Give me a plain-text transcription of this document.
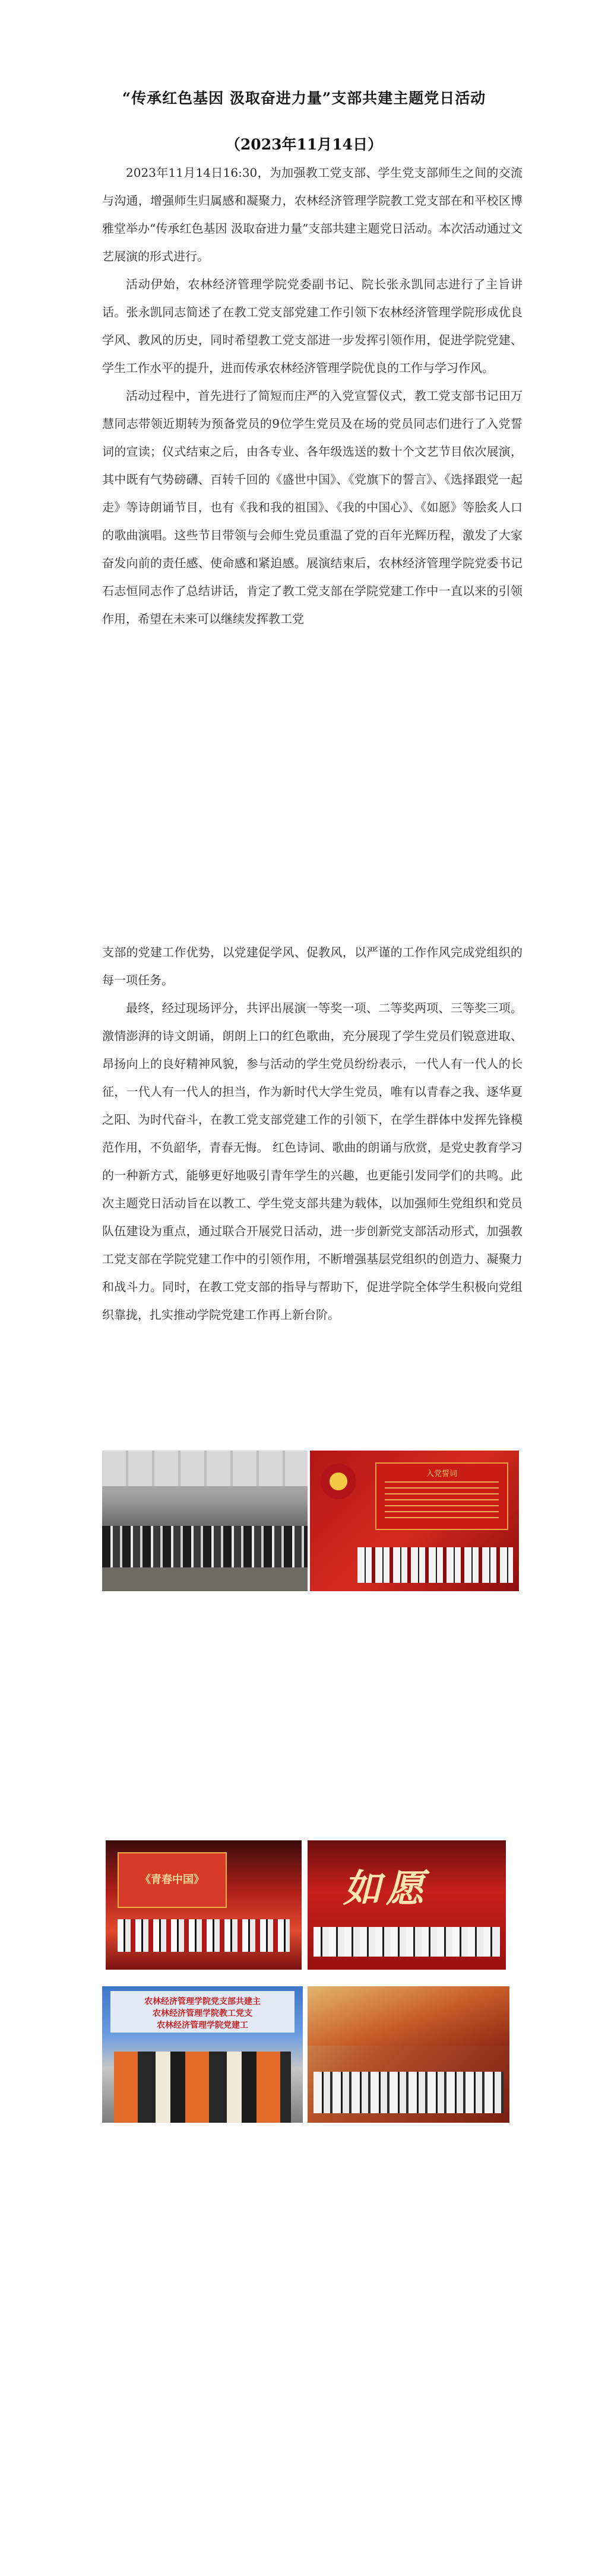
“传承红色基因 汲取奋进力量”支部共建主题党日活动
（2023年11月14日）

2023年11月14日16:30，为加强教工党支部、学生党支部师生之间的交流与沟通，增强师生归属感和凝聚力，农林经济管理学院教工党支部在和平校区博雅堂举办“传承红色基因 汲取奋进力量”支部共建主题党日活动。本次活动通过文艺展演的形式进行。

活动伊始，农林经济管理学院党委副书记、院长张永凯同志进行了主旨讲话。张永凯同志简述了在教工党支部党建工作引领下农林经济管理学院形成优良学风、教风的历史，同时希望教工党支部进一步发挥引领作用，促进学院党建、学生工作水平的提升，进而传承农林经济管理学院优良的工作与学习作风。

活动过程中，首先进行了简短而庄严的入党宣誓仪式，教工党支部书记田万慧同志带领近期转为预备党员的9位学生党员及在场的党员同志们进行了入党誓词的宣读；仪式结束之后，由各专业、各年级选送的数十个文艺节目依次展演，其中既有气势磅礴、百转千回的《盛世中国》、《党旗下的誓言》、《选择跟党一起走》等诗朗诵节目，也有《我和我的祖国》、《我的中国心》、《如愿》等脍炙人口的歌曲演唱。这些节目带领与会师生党员重温了党的百年光辉历程，激发了大家奋发向前的责任感、使命感和紧迫感。展演结束后，农林经济管理学院党委书记石志恒同志作了总结讲话，肯定了教工党支部在学院党建工作中一直以来的引领作用，希望在未来可以继续发挥教工党

支部的党建工作优势，以党建促学风、促教风，以严谨的工作作风完成党组织的每一项任务。

最终，经过现场评分，共评出展演一等奖一项、二等奖两项、三等奖三项。激情澎湃的诗文朗诵，朗朗上口的红色歌曲，充分展现了学生党员们锐意进取、昂扬向上的良好精神风貌，参与活动的学生党员纷纷表示，一代人有一代人的长征，一代人有一代人的担当，作为新时代大学生党员，唯有以青春之我、逐华夏之阳、为时代奋斗，在教工党支部党建工作的引领下，在学生群体中发挥先锋模范作用，不负韶华，青春无悔。 红色诗词、歌曲的朗诵与欣赏，是党史教育学习的一种新方式，能够更好地吸引青年学生的兴趣，也更能引发同学们的共鸣。此次主题党日活动旨在以教工、学生党支部共建为载体，以加强师生党组织和党员队伍建设为重点，通过联合开展党日活动，进一步创新党支部活动形式，加强教工党支部在学院党建工作中的引领作用，不断增强基层党组织的创造力、凝聚力和战斗力。同时，在教工党支部的指导与帮助下，促进学院全体学生积极向党组织靠拢，扎实推动学院党建工作再上新台阶。

入党誓词
《青春中国》	如愿
农林经济管理学院党支部共建主
农林经济管理学院教工党支
农林经济管理学院党建工
